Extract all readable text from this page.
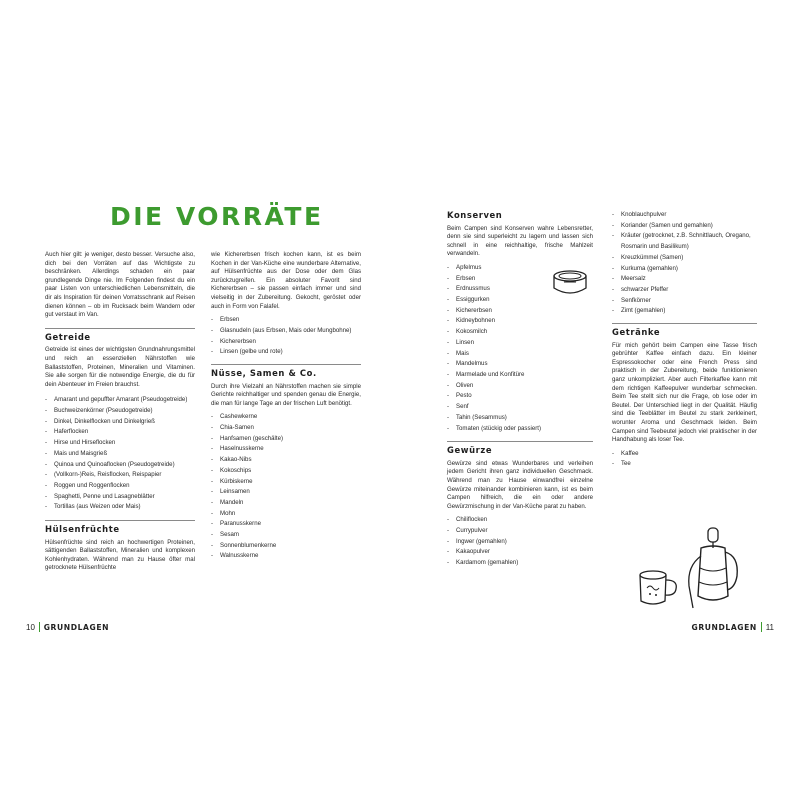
DIE VORRÄTE

Auch hier gilt: je weniger, desto besser. Versuche also, dich bei den Vorräten auf das Wichtigste zu beschränken. Allerdings schaden ein paar grundlegende Dinge nie. Im Folgenden findest du ein paar Listen von unterschiedlichen Lebensmitteln, die dir als Inspiration für deinen Vorratsschrank auf Reisen dienen können – ob im Rucksack beim Wandern oder gut verstaut im Van.

Getreide

Getreide ist eines der wichtigsten Grundnahrungsmittel und reich an essenziellen Nährstoffen wie Ballaststoffen, Proteinen, Mineralien und Vitaminen. Sie alle sorgen für die notwendige Energie, die du für dein Abenteuer im Freien brauchst.

- Amarant und gepuffter Amarant (Pseudogetreide)
- Buchweizenkörner (Pseudogetreide)
- Dinkel, Dinkelflocken und Dinkelgrieß
- Haferflocken
- Hirse und Hirseflocken
- Mais und Maisgrieß
- Quinoa und Quinoaflocken (Pseudogetreide)
- (Vollkorn-)Reis, Reisflocken, Reispapier
- Roggen und Roggenflocken
- Spaghetti, Penne und Lasagneblätter
- Tortillas (aus Weizen oder Mais)
Hülsenfrüchte

Hülsenfrüchte sind reich an hochwertigen Proteinen, sättigenden Ballaststoffen, Mineralien und komplexen Kohlenhydraten. Während man zu Hause öfter mal getrocknete Hülsenfrüchte

wie Kichererbsen frisch kochen kann, ist es beim Kochen in der Van-Küche eine wunderbare Alternative, auf Hülsenfrüchte aus der Dose oder dem Glas zurückzugreifen. Ein absoluter Favorit sind Kichererbsen – sie passen einfach immer und sind vielseitig in der Zubereitung. Gekocht, geröstet oder auch in Form von Falafel.

- Erbsen
- Glasnudeln (aus Erbsen, Mais oder Mungbohne)
- Kichererbsen
- Linsen (gelbe und rote)
Nüsse, Samen & Co.

Durch ihre Vielzahl an Nährstoffen machen sie simple Gerichte reichhaltiger und spenden genau die Energie, die man für lange Tage an der frischen Luft benötigt.

- Cashewkerne
- Chia-Samen
- Hanfsamen (geschälte)
- Haselnusskerne
- Kakao-Nibs
- Kokoschips
- Kürbiskerne
- Leinsamen
- Mandeln
- Mohn
- Paranusskerne
- Sesam
- Sonnenblumenkerne
- Walnusskerne
Konserven

Beim Campen sind Konserven wahre Lebensretter, denn sie sind superleicht zu lagern und lassen sich schnell in eine reichhaltige, frische Mahlzeit verwandeln.

- Apfelmus
- Erbsen
- Erdnussmus
- Essiggurken
- Kichererbsen
- Kidneybohnen
- Kokosmilch
- Linsen
- Mais
- Mandelmus
- Marmelade und Konfitüre
- Oliven
- Pesto
- Senf
- Tahin (Sesammus)
- Tomaten (stückig oder passiert)
Gewürze

Gewürze sind etwas Wunderbares und verleihen jedem Gericht ihren ganz individuellen Geschmack. Während man zu Hause einwandfrei einzelne Gewürze miteinander kombinieren kann, ist es beim Campen hilfreich, die ein oder andere Gewürzmischung in der Van-Küche parat zu haben.

- Chiliflocken
- Currypulver
- Ingwer (gemahlen)
- Kakaopulver
- Kardamom (gemahlen)
- Knoblauchpulver
- Koriander (Samen und gemahlen)
- Kräuter (getrocknet, z.B. Schnittlauch, Oregano, Rosmarin und Basilikum)
- Kreuzkümmel (Samen)
- Kurkuma (gemahlen)
- Meersalz
- schwarzer Pfeffer
- Senfkörner
- Zimt (gemahlen)
Getränke

Für mich gehört beim Campen eine Tasse frisch gebrühter Kaffee einfach dazu. Ein kleiner Espressokocher oder eine French Press sind praktisch in der Zubereitung, beide funktionieren ganz unkompliziert. Aber auch Filterkaffee kann mit dem richtigen Kaffeepulver wunderbar schmecken. Beim Tee stellt sich nur die Frage, ob lose oder im Beutel. Der Unterschied liegt in der Qualität. Häufig sind die Teeblätter im Beutel zu stark zerkleinert, worunter Aroma und Geschmack leiden. Beim Campen sind Teebeutel jedoch viel praktischer in der Handhabung als loser Tee.

- Kaffee
- Tee
10 GRUNDLAGEN	GRUNDLAGEN 11
